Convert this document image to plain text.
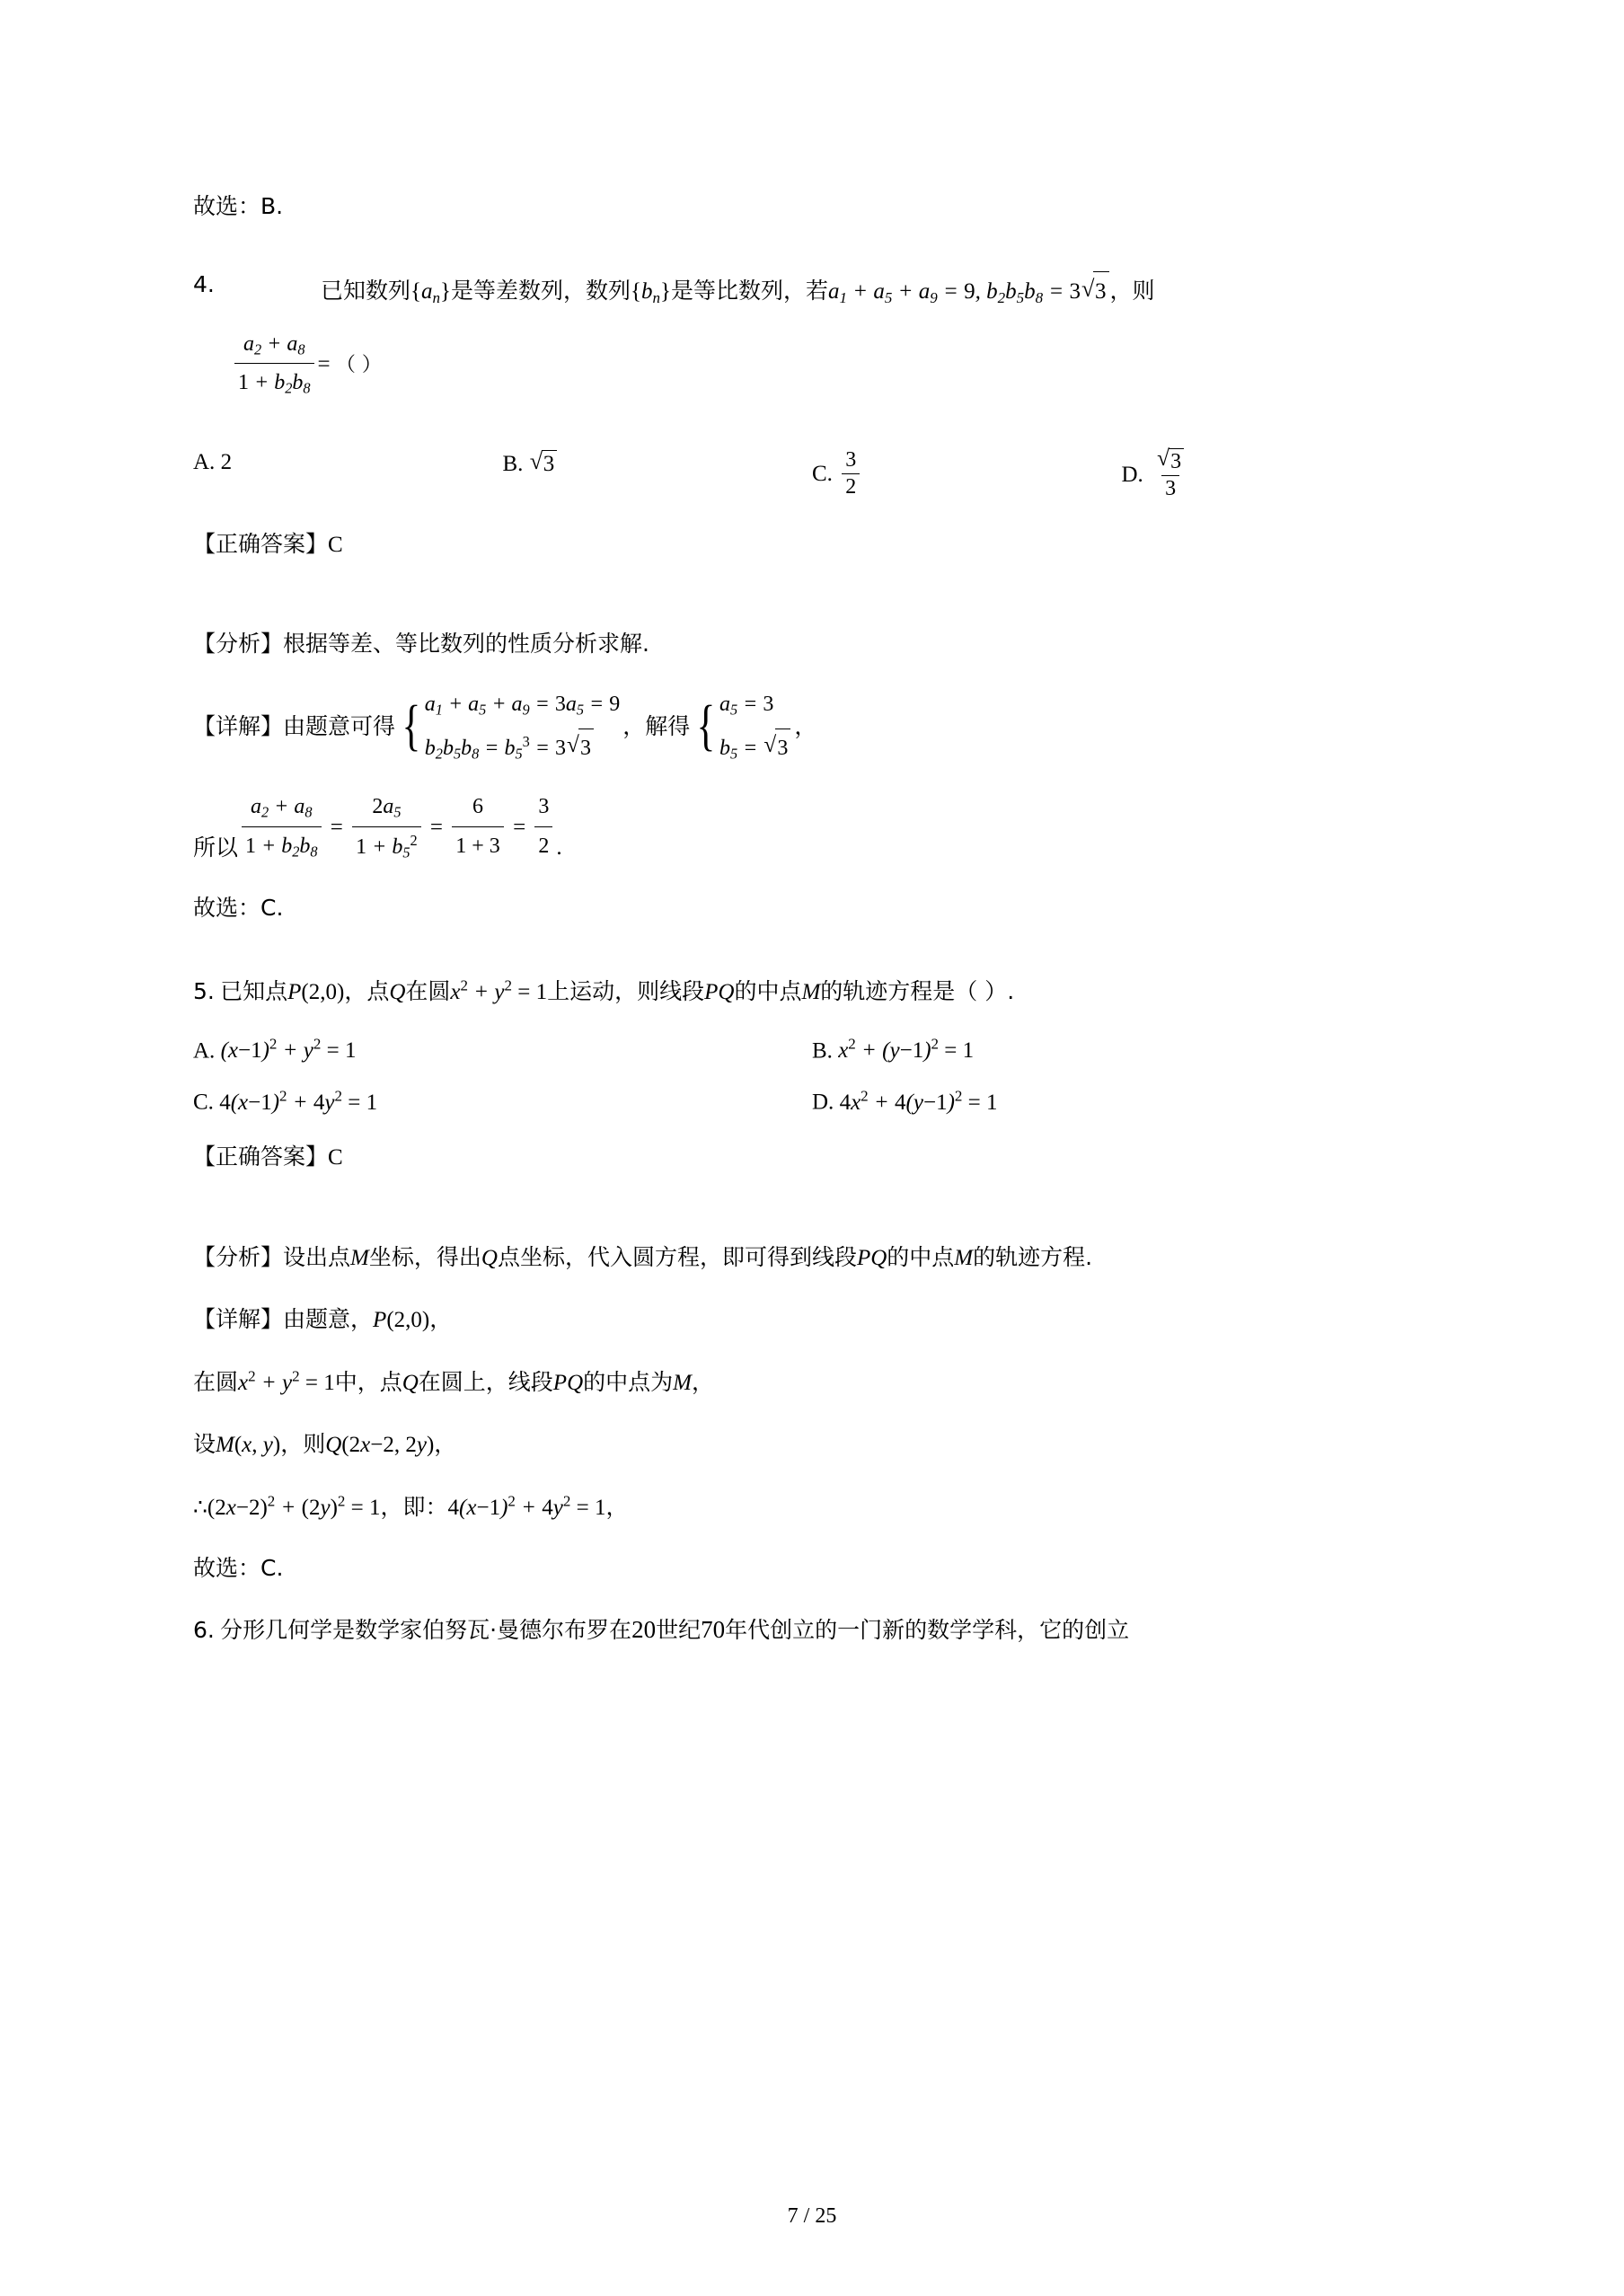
故选：B.
4.	已知数列$\{a_n\}$是等差数列，数列$\{b_n\}$是等比数列，若$a_1 + a_5 + a_9 = 9$, $b_2b_5b_8 = 3$ √ 3 ，则
$\frac{a_2 + a_8}{1 + b_2b_8}$ = （ ）
A. 2	B. √ 3	C. $\frac{3}{2}$	D. √ $\frac{3}{3}$
【正确答案】C
【分析】根据等差、等比数列的性质分析求解.
【详解】 由题意可得 { $a_1 + a_5 + a_9 = 3a_5 = 9$
$b_2b_5b_8 = b_5^3 = 3$ √ 3
，解得 { $a_5 = 3$
$b_5$ = √ 3
，
所以 $\frac{a_2 + a_8}{1 + b_2b_8} = \frac{2a_5}{1 + b_5^2} = \frac{6}{1 + 3} = \frac{3}{2}$ .
故选：C.
5. 已知点P(2,0)，点Q在圆$x^2 + y^2 = 1$上运动，则线段PQ的中点M的轨迹方程是（ ）.
A. $(x-1)^2 + y^2 = 1$	B. $x^2 + (y-1)^2 = 1$
C. $4(x-1)^2 + 4y^2 = 1$	D. $4x^2 + 4(y-1)^2 = 1$
【正确答案】C
【分析】设出点M坐标，得出Q点坐标，代入圆方程，即可得到线段PQ的中点M的轨迹方程.
【详解】由题意，P(2,0)，
在圆$x^2 + y^2 = 1$中，点Q在圆上，线段PQ的中点为M，
设M(x, y)，则Q(2x−2, 2y)，
$\therefore(2x-2)^2 + (2y)^2 = 1$，即：$4(x-1)^2 + 4y^2 = 1$，
故选：C.
6. 分形几何学是数学家伯努瓦·曼德尔布罗在20世纪70年代创立的一门新的数学学科，它的创立
7 / 25
